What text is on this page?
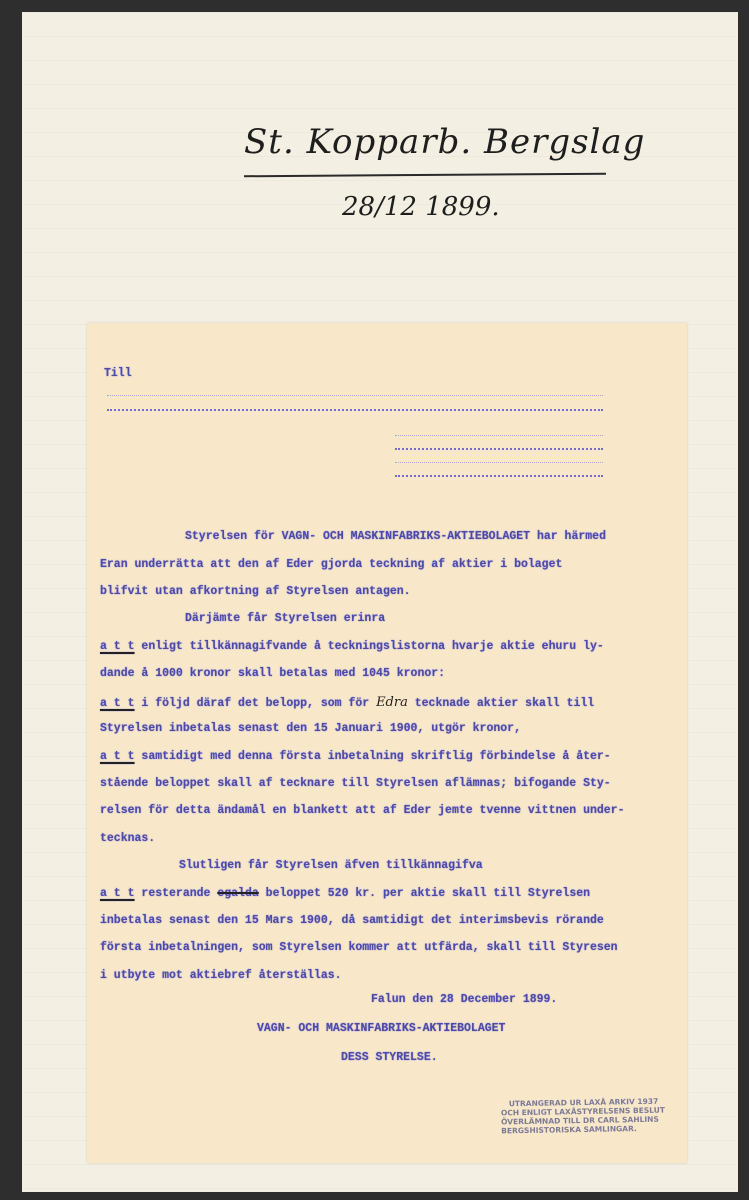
St. Kopparb. Bergslag
28/12 1899.
Till
Styrelsen för VAGN- OCH MASKINFABRIKS-AKTIEBOLAGET har härmed
Eran underrätta att den af Eder gjorda teckning af aktier i bolaget
blifvit utan afkortning af Styrelsen antagen.
Därjämte får Styrelsen erinra
a t t enligt tillkännagifvande å teckningslistorna hvarje aktie ehuru ly-
dande å 1000 kronor skall betalas med 1045 kronor:
a t t i följd däraf det belopp, som för Edra tecknade aktier skall till
Styrelsen inbetalas senast den 15 Januari 1900, utgör kronor,
a t t samtidigt med denna första inbetalning skriftlig förbindelse å åter-
stående beloppet skall af tecknare till Styrelsen aflämnas; bifogande Sty-
relsen för detta ändamål en blankett att af Eder jemte tvenne vittnen under-
tecknas.
Slutligen får Styrelsen äfven tillkännagifva
a t t resterande egalda beloppet 520 kr. per aktie skall till Styrelsen
inbetalas senast den 15 Mars 1900, då samtidigt det interimsbevis rörande
första inbetalningen, som Styrelsen kommer att utfärda, skall till Styresen
i utbyte mot aktiebref återställas.
Falun den 28 December 1899.
VAGN- OCH MASKINFABRIKS-AKTIEBOLAGET
DESS STYRELSE.
UTRANGERAD UR LAXÅ ARKIV 1937
OCH ENLIGT LAXÅSTYRELSENS BESLUT
ÖVERLÄMNAD TILL DR CARL SAHLINS
BERGSHISTORISKA SAMLINGAR.
